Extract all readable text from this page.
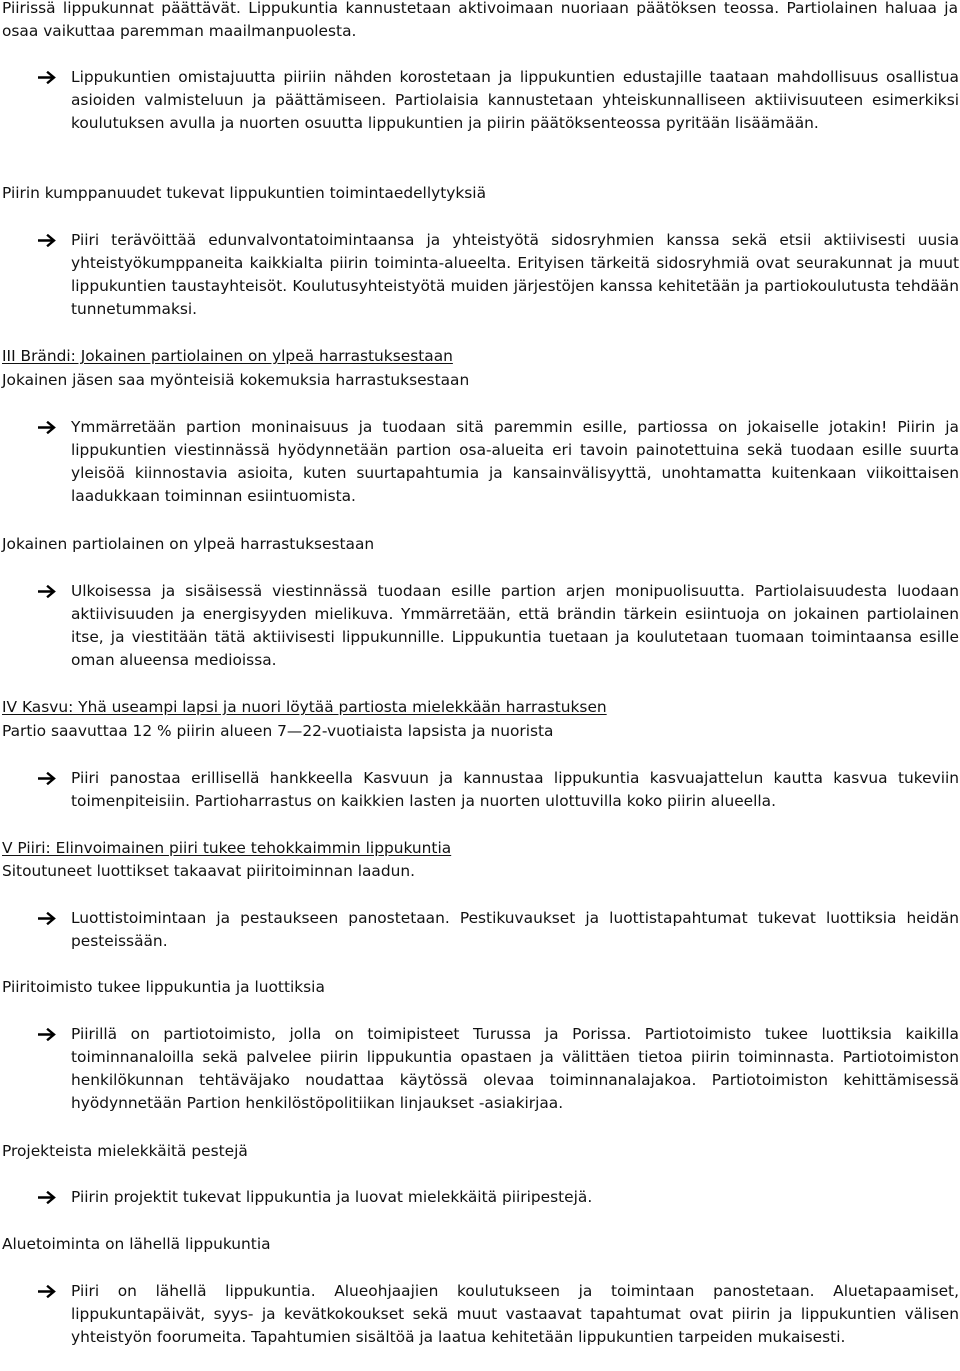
Piirissä lippukunnat päättävät. Lippukuntia kannustetaan aktivoimaan nuoriaan päätöksen teossa. Partiolainen haluaa ja osaa vaikuttaa paremman maailmanpuolesta.

Lippukuntien omistajuutta piiriin nähden korostetaan ja lippukuntien edustajille taataan mahdollisuus osallistua asioiden valmisteluun ja päättämiseen. Partiolaisia kannustetaan yhteiskunnalliseen aktiivisuuteen esimerkiksi koulutuksen avulla ja nuorten osuutta lippukuntien ja piirin päätöksenteossa pyritään lisäämään.

Piirin kumppanuudet tukevat lippukuntien toimintaedellytyksiä

Piiri terävöittää edunvalvontatoimintaansa ja yhteistyötä sidosryhmien kanssa sekä etsii aktiivisesti uusia yhteistyökumppaneita kaikkialta piirin toiminta-alueelta. Erityisen tärkeitä sidosryhmiä ovat seurakunnat ja muut lippukuntien taustayhteisöt. Koulutusyhteistyötä muiden järjestöjen kanssa kehitetään ja partiokoulutusta tehdään tunnetummaksi.

III Brändi: Jokainen partiolainen on ylpeä harrastuksestaan

Jokainen jäsen saa myönteisiä kokemuksia harrastuksestaan

Ymmärretään partion moninaisuus ja tuodaan sitä paremmin esille, partiossa on jokaiselle jotakin! Piirin ja lippukuntien viestinnässä hyödynnetään partion osa-alueita eri tavoin painotettuina sekä tuodaan esille suurta yleisöä kiinnostavia asioita, kuten suurtapahtumia ja kansainvälisyyttä, unohtamatta kuitenkaan viikoittaisen laadukkaan toiminnan esiintuomista.

Jokainen partiolainen on ylpeä harrastuksestaan

Ulkoisessa ja sisäisessä viestinnässä tuodaan esille partion arjen monipuolisuutta. Partiolaisuudesta luodaan aktiivisuuden ja energisyyden mielikuva. Ymmärretään, että brändin tärkein esiintuoja on jokainen partiolainen itse, ja viestitään tätä aktiivisesti lippukunnille. Lippukuntia tuetaan ja koulutetaan tuomaan toimintaansa esille oman alueensa medioissa.

IV Kasvu: Yhä useampi lapsi ja nuori löytää partiosta mielekkään harrastuksen

Partio saavuttaa 12 % piirin alueen 7—22-vuotiaista lapsista ja nuorista

Piiri panostaa erillisellä hankkeella Kasvuun ja kannustaa lippukuntia kasvuajattelun kautta kasvua tukeviin toimenpiteisiin. Partioharrastus on kaikkien lasten ja nuorten ulottuvilla koko piirin alueella.

V Piiri: Elinvoimainen piiri tukee tehokkaimmin lippukuntia

Sitoutuneet luottikset takaavat piiritoiminnan laadun.

Luottistoimintaan ja pestaukseen panostetaan. Pestikuvaukset ja luottistapahtumat tukevat luottiksia heidän pesteissään.

Piiritoimisto tukee lippukuntia ja luottiksia

Piirillä on partiotoimisto, jolla on toimipisteet Turussa ja Porissa. Partiotoimisto tukee luottiksia kaikilla toiminnanaloilla sekä palvelee piirin lippukuntia opastaen ja välittäen tietoa piirin toiminnasta. Partiotoimiston henkilökunnan tehtäväjako noudattaa käytössä olevaa toiminnanalajakoa. Partiotoimiston kehittämisessä hyödynnetään Partion henkilöstöpolitiikan linjaukset -asiakirjaa.

Projekteista mielekkäitä pestejä

Piirin projektit tukevat lippukuntia ja luovat mielekkäitä piiripestejä.

Aluetoiminta on lähellä lippukuntia

Piiri on lähellä lippukuntia. Alueohjaajien koulutukseen ja toimintaan panostetaan. Aluetapaamiset, lippukuntapäivät, syys- ja kevätkokoukset sekä muut vastaavat tapahtumat ovat piirin ja lippukuntien välisen yhteistyön foorumeita. Tapahtumien sisältöä ja laatua kehitetään lippukuntien tarpeiden mukaisesti.
